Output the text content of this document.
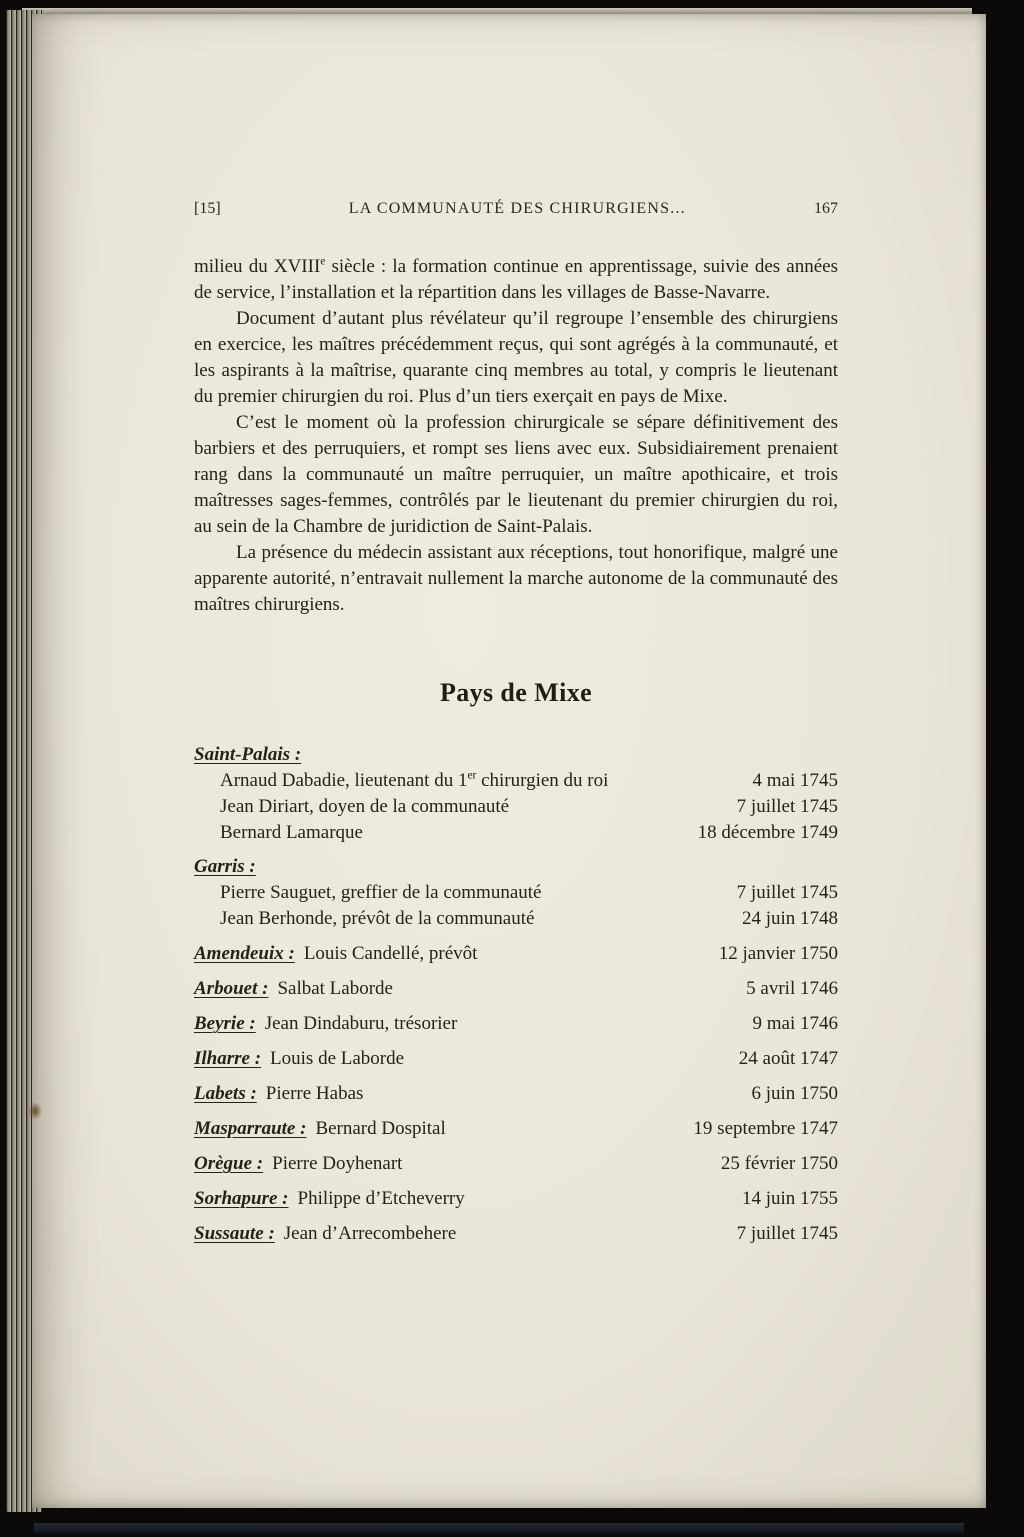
[15]	LA COMMUNAUTÉ DES CHIRURGIENS...	167

milieu du XVIIIe siècle : la formation continue en apprentissage, suivie des années de service, l’installation et la répartition dans les villages de Basse-Navarre.

Document d’autant plus révélateur qu’il regroupe l’ensemble des chirurgiens en exercice, les maîtres précédemment reçus, qui sont agrégés à la communauté, et les aspirants à la maîtrise, quarante cinq membres au total, y compris le lieutenant du premier chirurgien du roi. Plus d’un tiers exerçait en pays de Mixe.

C’est le moment où la profession chirurgicale se sépare définitivement des barbiers et des perruquiers, et rompt ses liens avec eux. Subsidiairement prenaient rang dans la communauté un maître perruquier, un maître apothicaire, et trois maîtresses sages-femmes, contrôlés par le lieutenant du premier chirurgien du roi, au sein de la Chambre de juridiction de Saint-Palais.

La présence du médecin assistant aux réceptions, tout honorifique, malgré une apparente autorité, n’entravait nullement la marche autonome de la communauté des maîtres chirurgiens.

Pays de Mixe
Saint-Palais :
Arnaud Dabadie, lieutenant du 1er chirurgien du roi	4 mai 1745
Jean Diriart, doyen de la communauté	7 juillet 1745
Bernard Lamarque	18 décembre 1749
Garris :
Pierre Sauguet, greffier de la communauté	7 juillet 1745
Jean Berhonde, prévôt de la communauté	24 juin 1748
Amendeuix : Louis Candellé, prévôt	12 janvier 1750
Arbouet : Salbat Laborde	5 avril 1746
Beyrie : Jean Dindaburu, trésorier	9 mai 1746
Ilharre : Louis de Laborde	24 août 1747
Labets : Pierre Habas	6 juin 1750
Masparraute : Bernard Dospital	19 septembre 1747
Orègue : Pierre Doyhenart	25 février 1750
Sorhapure : Philippe d’Etcheverry	14 juin 1755
Sussaute : Jean d’Arrecombehere	7 juillet 1745
